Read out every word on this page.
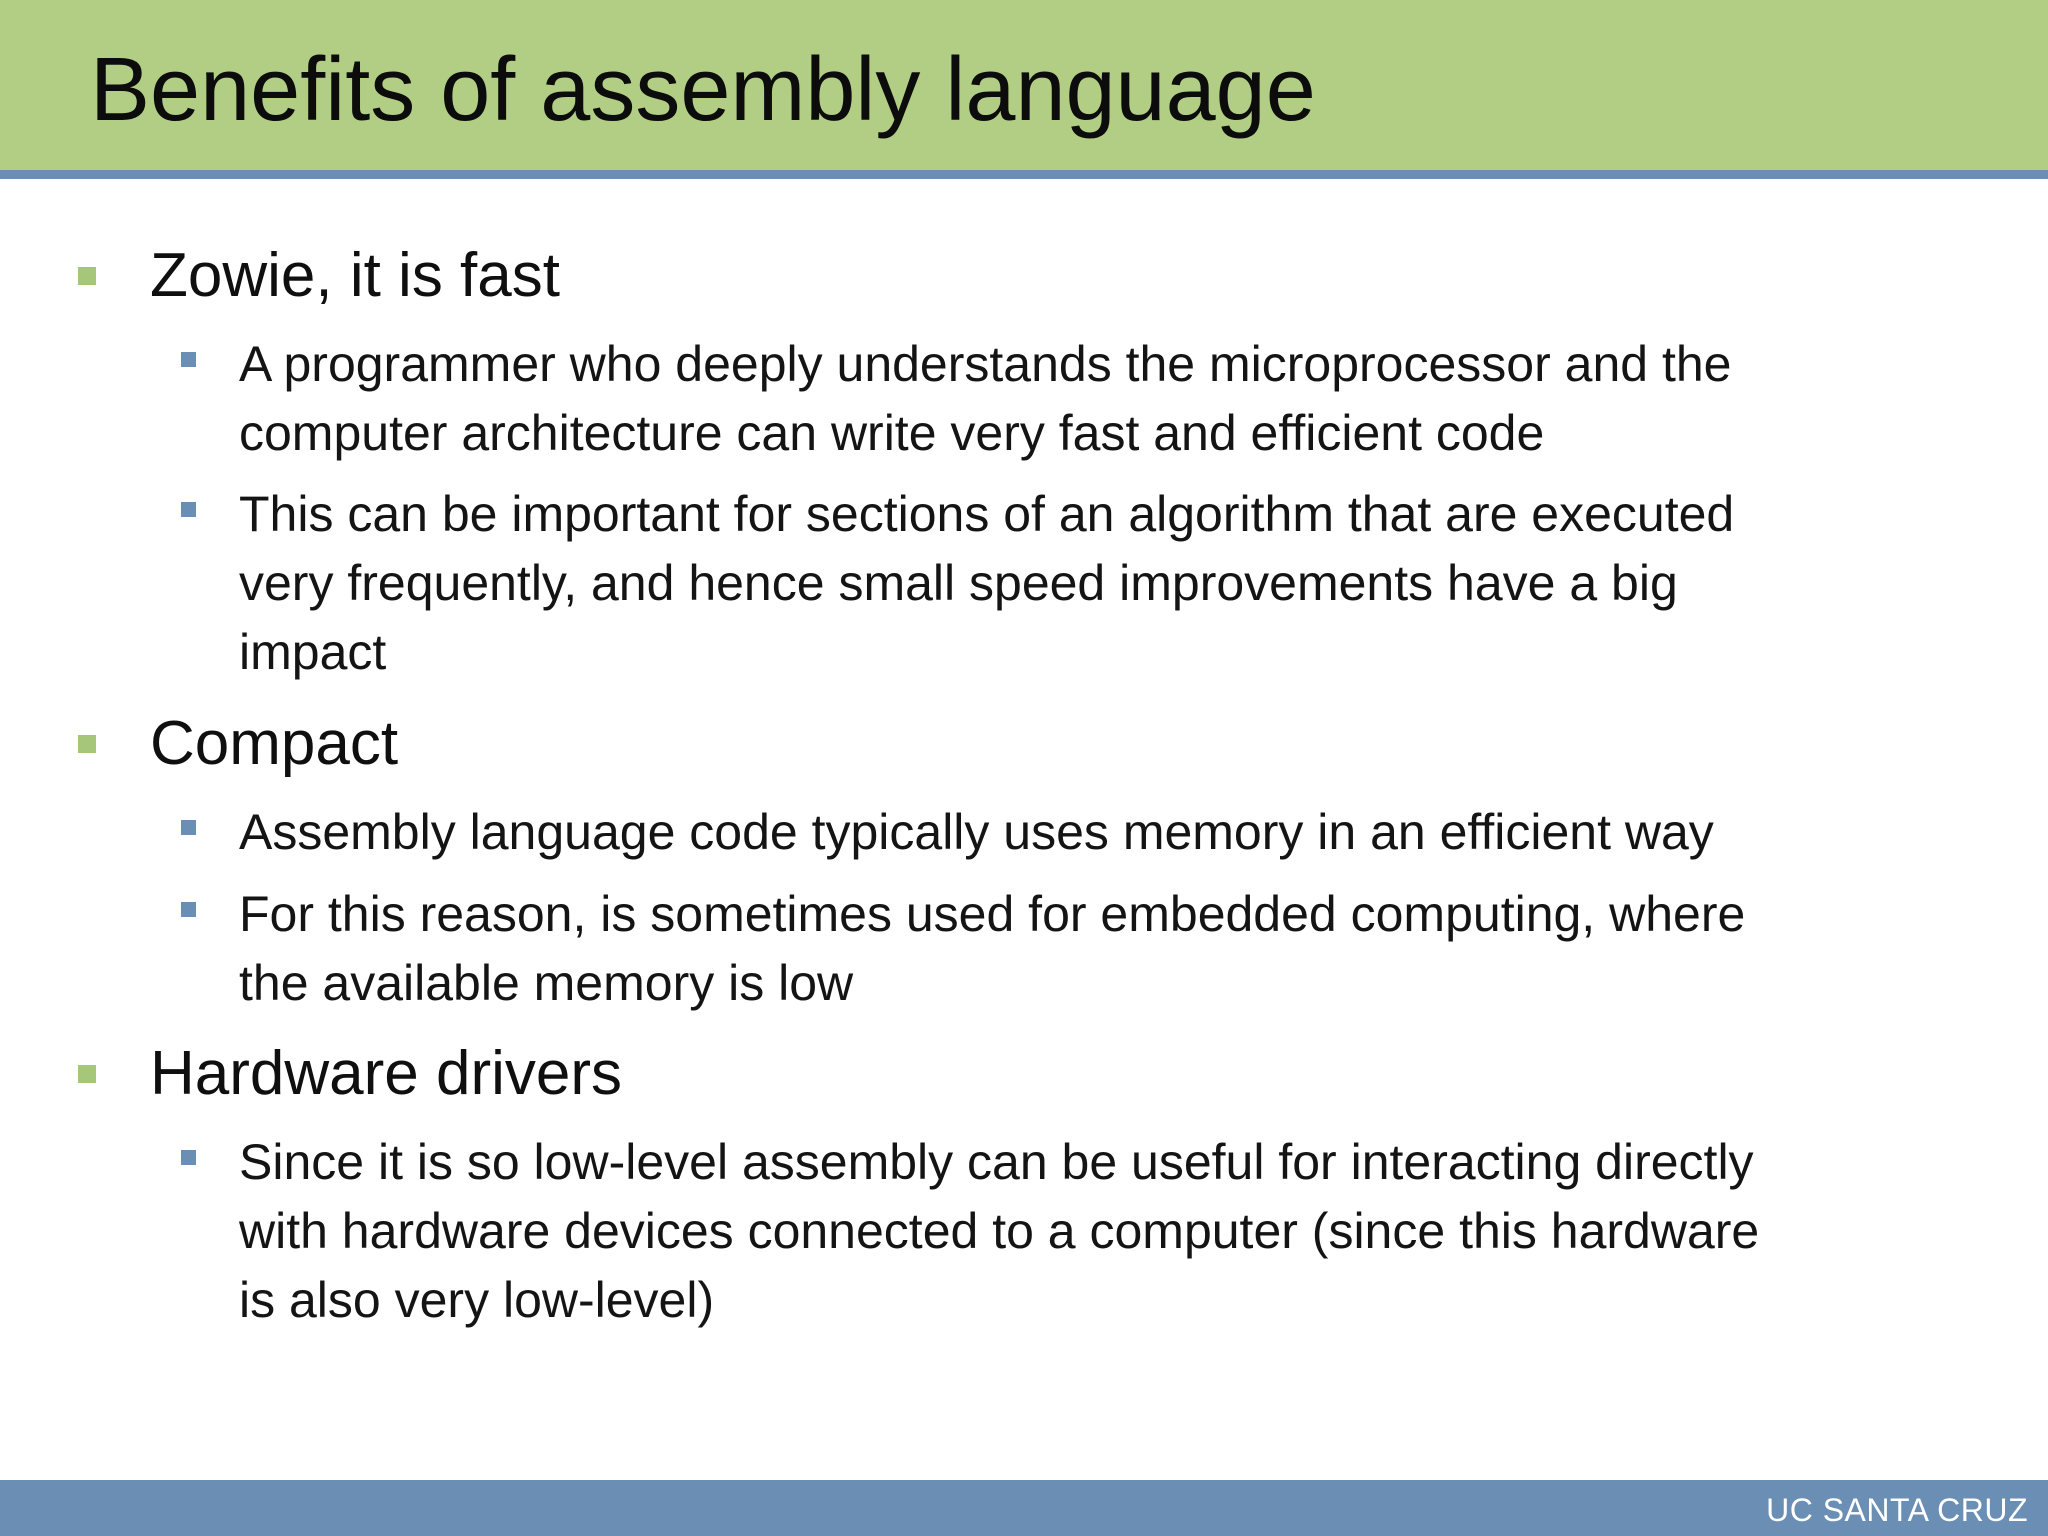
Benefits of assembly language
Zowie, it is fast
A programmer who deeply understands the microprocessor and the
computer architecture can write very fast and efficient code
This can be important for sections of an algorithm that are executed
very frequently, and hence small speed improvements have a big
impact
Compact
Assembly language code typically uses memory in an efficient way
For this reason, is sometimes used for embedded computing, where
the available memory is low
Hardware drivers
Since it is so low-level assembly can be useful for interacting directly
with hardware devices connected to a computer (since this hardware
is also very low-level)
UC SANTA CRUZ
